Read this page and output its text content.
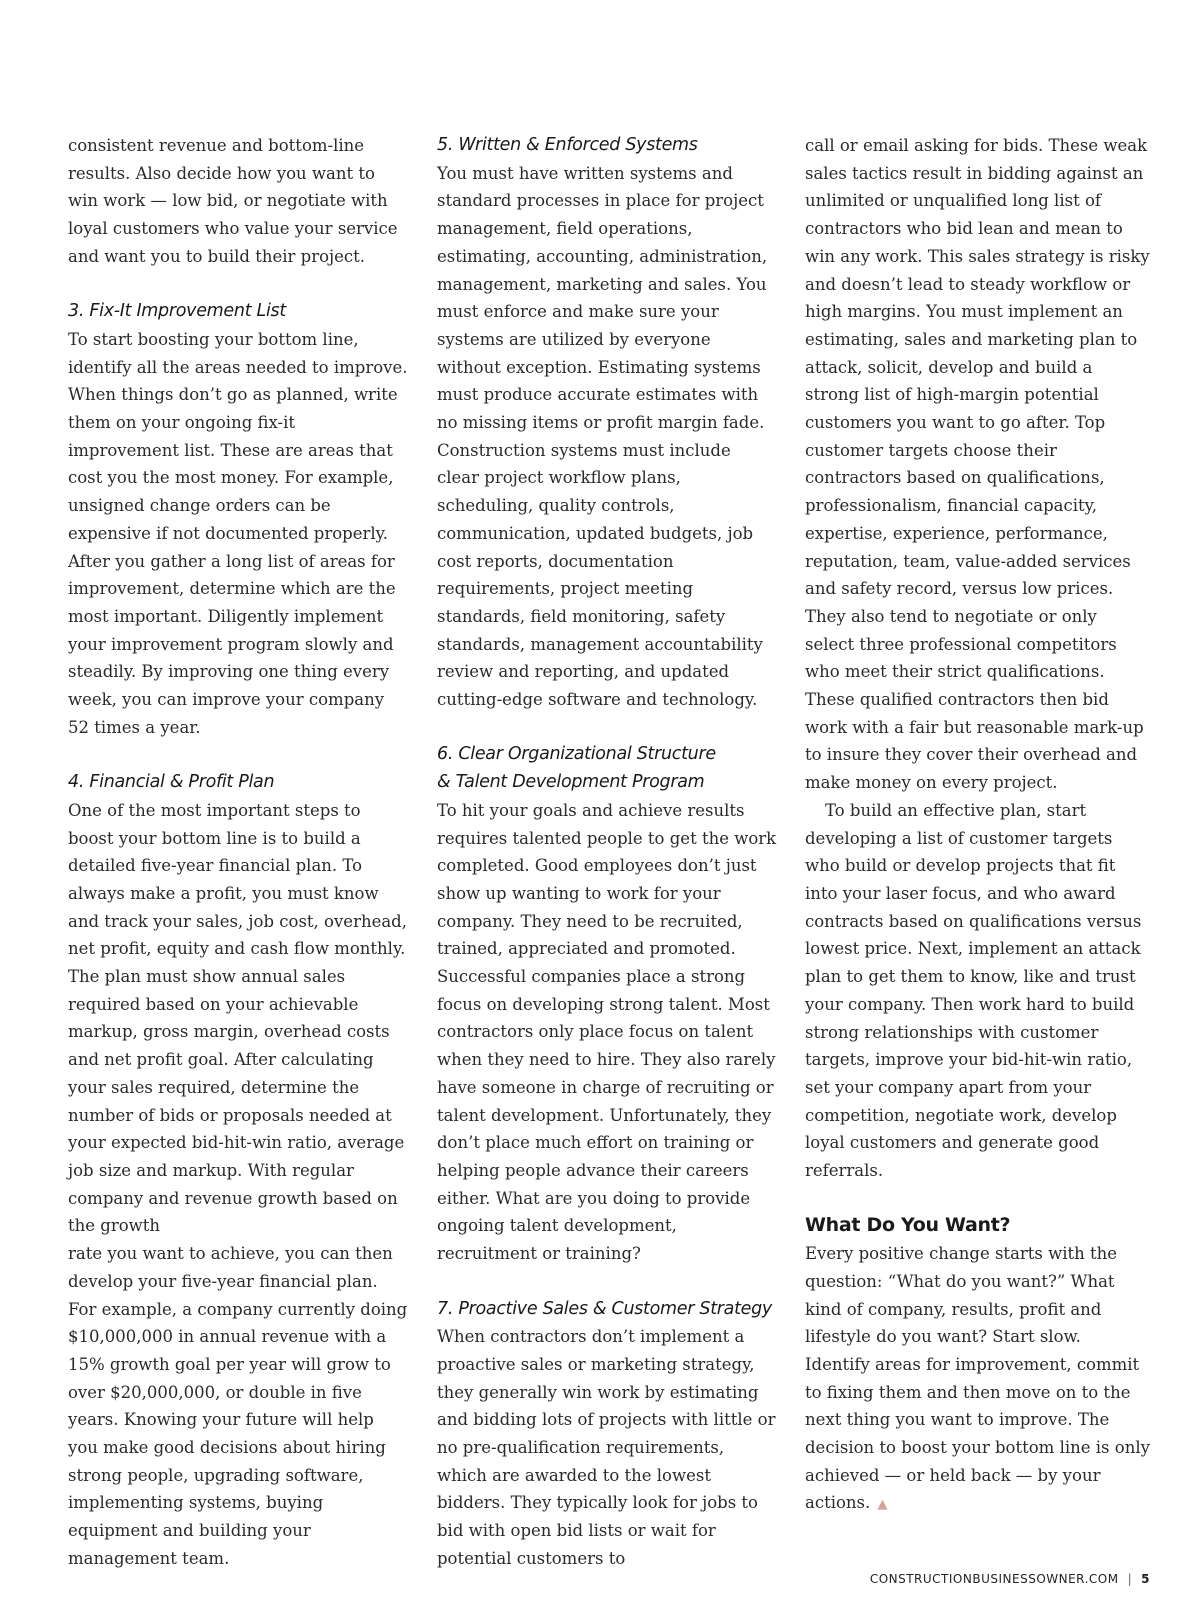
consistent revenue and bottom-line results. Also decide how you want to win work — low bid, or negotiate with loyal customers who value your service and want you to build their project.

3. Fix-It Improvement List

To start boosting your bottom line, identify all the areas needed to improve. When things don’t go as planned, write them on your ongoing fix-it improvement list. These are areas that cost you the most money. For example, unsigned change orders can be expensive if not documented properly. After you gather a long list of areas for improvement, determine which are the most important. Diligently implement your improvement program slowly and steadily. By improving one thing every week, you can improve your company 52 times a year.

4. Financial & Profit Plan

One of the most important steps to boost your bottom line is to build a detailed five-year financial plan. To always make a profit, you must know and track your sales, job cost, overhead, net profit, equity and cash flow monthly. The plan must show annual sales required based on your achievable markup, gross margin, overhead costs and net profit goal. After calculating your sales required, determine the number of bids or proposals needed at your expected bid-hit-win ratio, average job size and markup. With regular company and revenue growth based on the growth

rate you want to achieve, you can then develop your five-year financial plan.

For example, a company currently doing $10,000,000 in annual revenue with a 15% growth goal per year will grow to over $20,000,000, or double in five years. Knowing your future will help you make good decisions about hiring strong people, upgrading software, implementing systems, buying equipment and building your management team.

5. Written & Enforced Systems

You must have written systems and standard processes in place for project management, field operations, estimating, accounting, administration, management, marketing and sales. You must enforce and make sure your systems are utilized by everyone without exception. Estimating systems must produce accurate estimates with no missing items or profit margin fade. Construction systems must include clear project workflow plans, scheduling, quality controls, communication, updated budgets, job cost reports, documentation requirements, project meeting standards, field monitoring, safety standards, management accountability review and reporting, and updated cutting-edge software and technology.

6. Clear Organizational Structure

& Talent Development Program

To hit your goals and achieve results requires talented people to get the work completed. Good employees don’t just show up wanting to work for your company. They need to be recruited, trained, appreciated and promoted. Successful companies place a strong focus on developing strong talent. Most contractors only place focus on talent when they need to hire. They also rarely have someone in charge of recruiting or talent development. Unfortunately, they don’t place much effort on training or helping people advance their careers either. What are you doing to provide ongoing talent development, recruitment or training?

7. Proactive Sales & Customer Strategy

When contractors don’t implement a proactive sales or marketing strategy, they generally win work by estimating and bidding lots of projects with little or no pre-qualification requirements, which are awarded to the lowest bidders. They typically look for jobs to bid with open bid lists or wait for potential customers to

call or email asking for bids. These weak sales tactics result in bidding against an unlimited or unqualified long list of contractors who bid lean and mean to win any work. This sales strategy is risky and doesn’t lead to steady workflow or high margins. You must implement an estimating, sales and marketing plan to attack, solicit, develop and build a strong list of high-margin potential customers you want to go after. Top customer targets choose their contractors based on qualifications, professionalism, financial capacity, expertise, experience, performance, reputation, team, value-added services and safety record, versus low prices. They also tend to negotiate or only select three professional competitors who meet their strict qualifications. These qualified contractors then bid work with a fair but reasonable mark-up to insure they cover their overhead and make money on every project.

To build an effective plan, start developing a list of customer targets who build or develop projects that fit into your laser focus, and who award contracts based on qualifications versus lowest price. Next, implement an attack plan to get them to know, like and trust your company. Then work hard to build strong relationships with customer targets, improve your bid-hit-win ratio, set your company apart from your competition, negotiate work, develop loyal customers and generate good referrals.

What Do You Want?

Every positive change starts with the question: “What do you want?” What kind of company, results, profit and lifestyle do you want? Start slow. Identify areas for improvement, commit to fixing them and then move on to the next thing you want to improve. The decision to boost your bottom line is only achieved — or held back — by your actions. ▲

CONSTRUCTIONBUSINESSOWNER.COM | 5
